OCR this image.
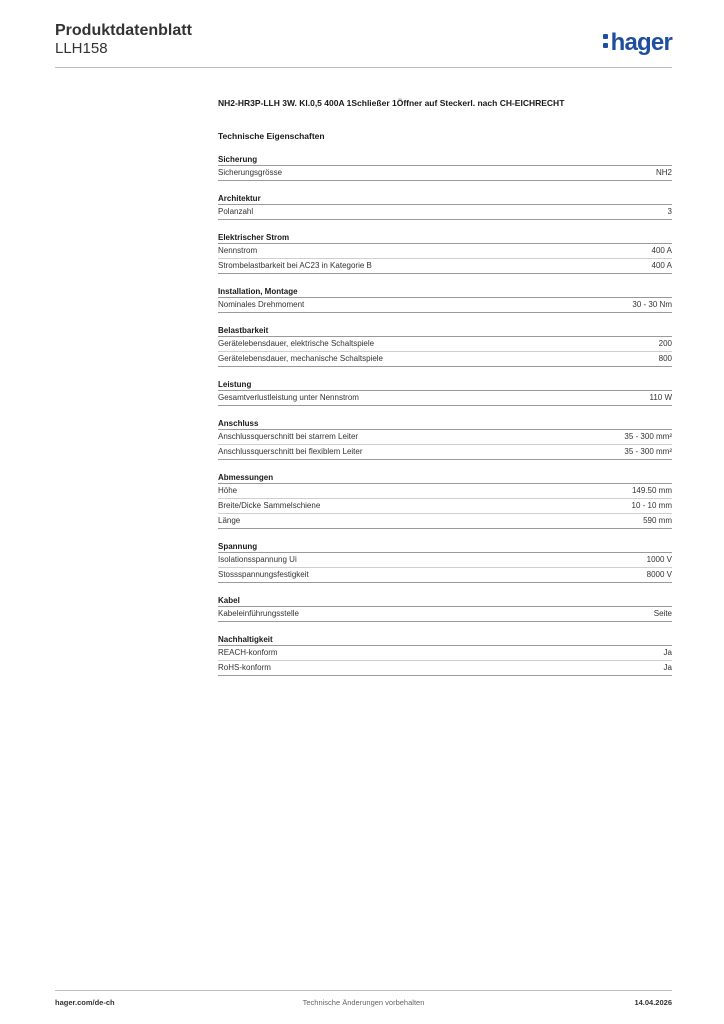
Produktdatenblatt
LLH158	hager
NH2-HR3P-LLH 3W. Kl.0,5 400A 1Schließer 1Öffner auf Steckerl. nach CH-EICHRECHT
Technische Eigenschaften
Sicherung
Sicherungsgrösse	NH2
Architektur
Polanzahl	3
Elektrischer Strom
Nennstrom	400 A
Strombelastbarkeit bei AC23 in Kategorie B	400 A
Installation, Montage
Nominales Drehmoment	30 - 30 Nm
Belastbarkeit
Gerätelebensdauer, elektrische Schaltspiele	200
Gerätelebensdauer, mechanische Schaltspiele	800
Leistung
Gesamtverlustleistung unter Nennstrom	110 W
Anschluss
Anschlussquerschnitt bei starrem Leiter	35 - 300 mm²
Anschlussquerschnitt bei flexiblem Leiter	35 - 300 mm²
Abmessungen
Höhe	149.50 mm
Breite/Dicke Sammelschiene	10 - 10 mm
Länge	590 mm
Spannung
Isolationsspannung Ui	1000 V
Stossspannungsfestigkeit	8000 V
Kabel
Kabeleinführungsstelle	Seite
Nachhaltigkeit
REACH-konform	Ja
RoHS-konform	Ja
hager.com/de-ch	Technische Änderungen vorbehalten	14.04.2026
